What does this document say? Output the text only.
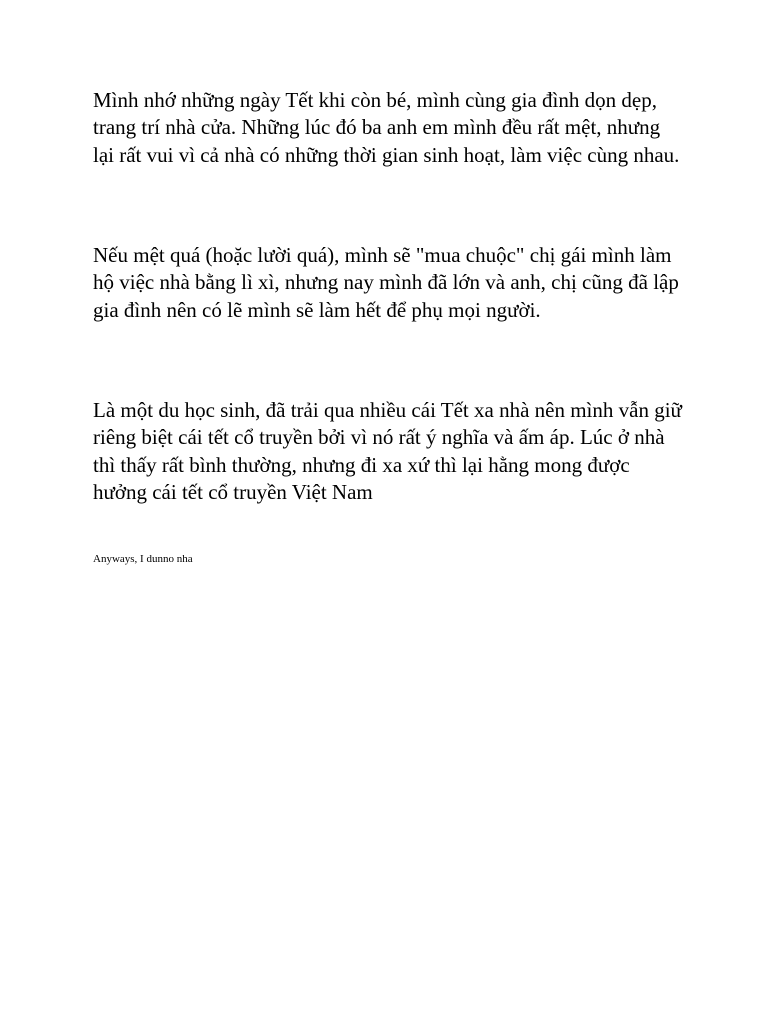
Mình nhớ những ngày Tết khi còn bé, mình cùng gia đình dọn dẹp, trang trí nhà cửa. Những lúc đó ba anh em mình đều rất mệt, nhưng lại rất vui vì cả nhà có những thời gian sinh hoạt, làm việc cùng nhau.

Nếu mệt quá (hoặc lười quá), mình sẽ "mua chuộc" chị gái mình làm hộ việc nhà bằng lì xì, nhưng nay mình đã lớn và anh, chị cũng đã lập gia đình nên có lẽ mình sẽ làm hết để phụ mọi người.

Là một du học sinh, đã trải qua nhiều cái Tết xa nhà nên mình vẫn giữ riêng biệt cái tết cổ truyền bởi vì nó rất ý nghĩa và ấm áp. Lúc ở nhà thì thấy rất bình thường, nhưng đi xa xứ thì lại hằng mong được hưởng cái tết cổ truyền Việt Nam

Anyways, I dunno nha
